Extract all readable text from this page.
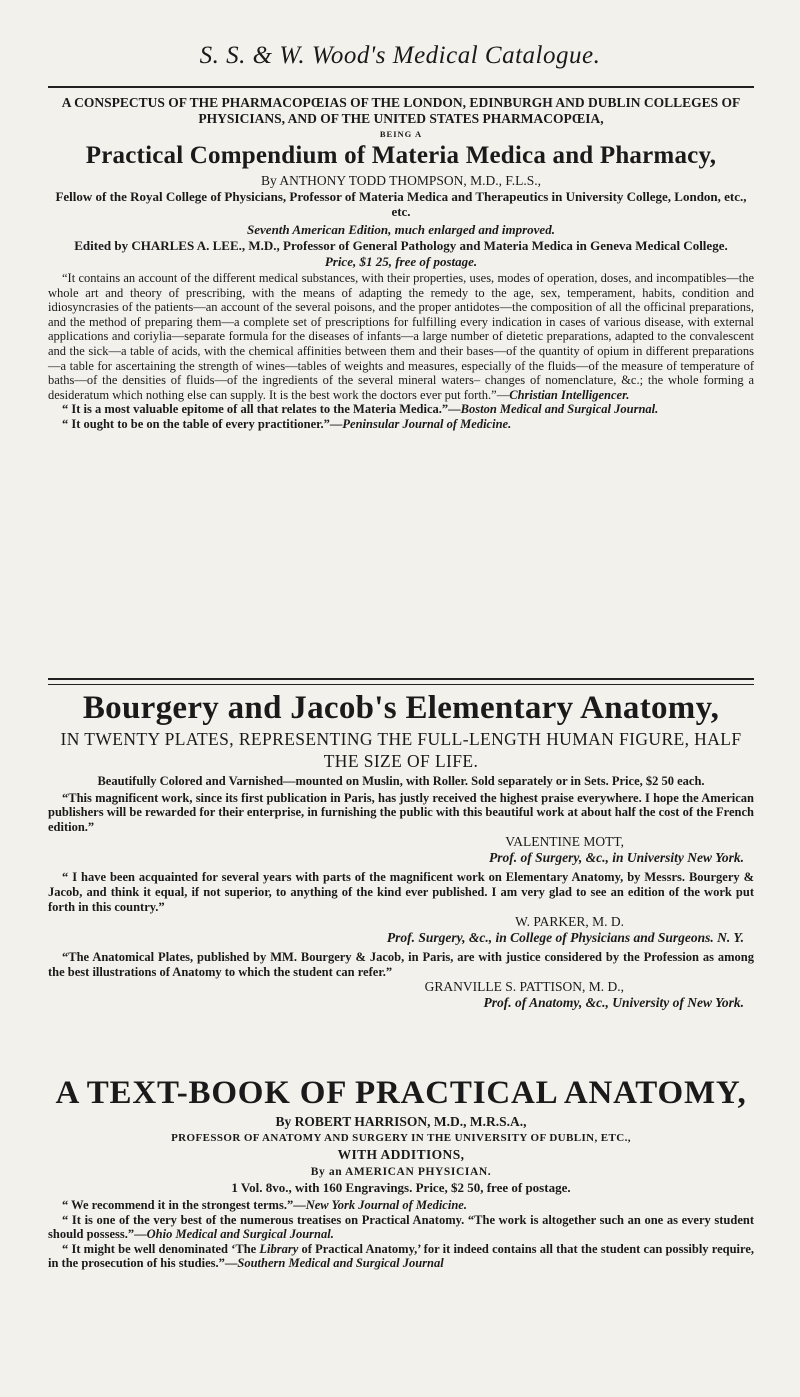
S. S. & W. Wood's Medical Catalogue.
A CONSPECTUS OF THE PHARMACOPŒIAS OF THE LONDON, EDINBURGH AND DUBLIN COLLEGES OF PHYSICIANS, AND OF THE UNITED STATES PHARMACOPŒIA,
BEING A
Practical Compendium of Materia Medica and Pharmacy,
By ANTHONY TODD THOMPSON, M.D., F.L.S.,
Fellow of the Royal College of Physicians, Professor of Materia Medica and Therapeutics in University College, London, etc., etc.
Seventh American Edition, much enlarged and improved.
Edited by CHARLES A. LEE., M.D., Professor of General Pathology and Materia Medica in Geneva Medical College.
Price, $1 25, free of postage.

“It contains an account of the different medical substances, with their properties, uses, modes of operation, doses, and incompatibles—the whole art and theory of prescribing, with the means of adapting the remedy to the age, sex, temperament, habits, condition and idiosyncrasies of the patients—an account of the several poisons, and the proper antidotes—the composition of all the officinal preparations, and the method of preparing them—a complete set of prescriptions for fulfilling every indication in cases of various disease, with external applications and coriylia—separate formula for the diseases of infants—a large number of dietetic preparations, adapted to the convalescent and the sick—a table of acids, with the chemical affinities between them and their bases—of the quantity of opium in different preparations—a table for ascertaining the strength of wines—tables of weights and measures, especially of the fluids—of the measure of temperature of baths—of the densities of fluids—of the ingredients of the several mineral waters– changes of nomenclature, &c.; the whole forming a desideratum which nothing else can supply. It is the best work the doctors ever put forth.”—Christian Intelligencer.

“ It is a most valuable epitome of all that relates to the Materia Medica.”—Boston Medical and Surgical Journal.

“ It ought to be on the table of every practitioner.”—Peninsular Journal of Medicine.

Bourgery and Jacob's Elementary Anatomy,
IN TWENTY PLATES, REPRESENTING THE FULL-LENGTH HUMAN FIGURE, HALF THE SIZE OF LIFE.
Beautifully Colored and Varnished—mounted on Muslin, with Roller. Sold separately or in Sets. Price, $2 50 each.

“This magnificent work, since its first publication in Paris, has justly received the highest praise everywhere. I hope the American publishers will be rewarded for their enterprise, in furnishing the public with this beautiful work at about half the cost of the French edition.”

VALENTINE MOTT,
Prof. of Surgery, &c., in University New York.

“ I have been acquainted for several years with parts of the magnificent work on Elementary Anatomy, by Messrs. Bourgery & Jacob, and think it equal, if not superior, to anything of the kind ever published. I am very glad to see an edition of the work put forth in this country.”

W. PARKER, M. D.
Prof. Surgery, &c., in College of Physicians and Surgeons. N. Y.

“The Anatomical Plates, published by MM. Bourgery & Jacob, in Paris, are with justice considered by the Profession as among the best illustrations of Anatomy to which the student can refer.”

GRANVILLE S. PATTISON, M. D.,
Prof. of Anatomy, &c., University of New York.
A TEXT-BOOK OF PRACTICAL ANATOMY,
By ROBERT HARRISON, M.D., M.R.S.A.,
PROFESSOR OF ANATOMY AND SURGERY IN THE UNIVERSITY OF DUBLIN, ETC.,
WITH ADDITIONS,
By an AMERICAN PHYSICIAN.
1 Vol. 8vo., with 160 Engravings. Price, $2 50, free of postage.

“ We recommend it in the strongest terms.”—New York Journal of Medicine.

“ It is one of the very best of the numerous treatises on Practical Anatomy. “The work is altogether such an one as every student should possess.”—Ohio Medical and Surgical Journal.

“ It might be well denominated ‘The Library of Practical Anatomy,’ for it indeed contains all that the student can possibly require, in the prosecution of his studies.”—Southern Medical and Surgical Journal
